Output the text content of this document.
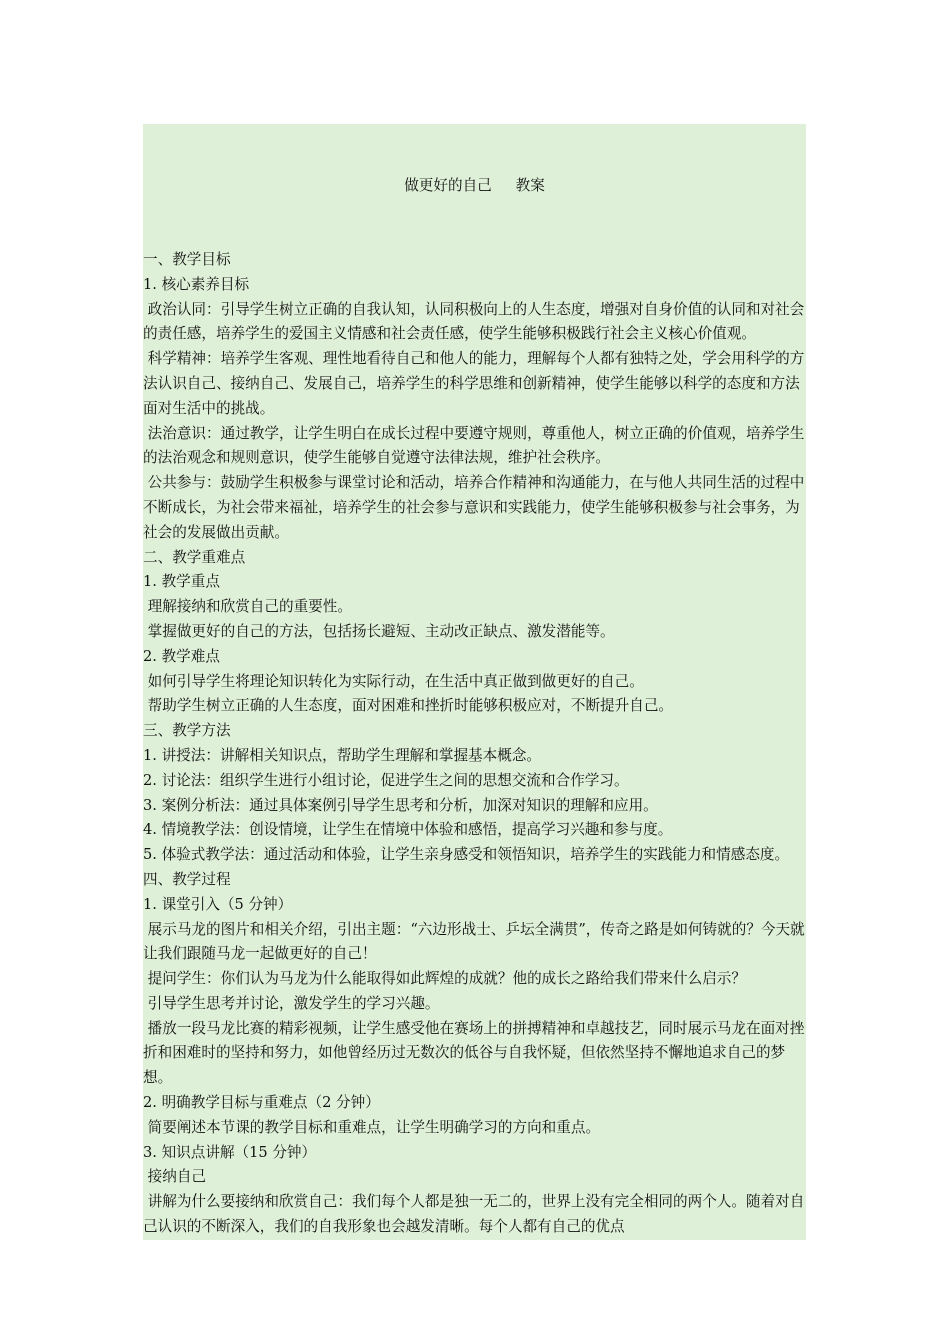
做更好的自己　  教案

一、教学目标
1. 核心素养目标
政治认同：引导学生树立正确的自我认知，认同积极向上的人生态度，增强对自身价值的认同和对社会的责任感，培养学生的爱国主义情感和社会责任感，使学生能够积极践行社会主义核心价值观。
科学精神：培养学生客观、理性地看待自己和他人的能力，理解每个人都有独特之处，学会用科学的方法认识自己、接纳自己、发展自己，培养学生的科学思维和创新精神，使学生能够以科学的态度和方法面对生活中的挑战。
法治意识：通过教学，让学生明白在成长过程中要遵守规则，尊重他人，树立正确的价值观，培养学生的法治观念和规则意识，使学生能够自觉遵守法律法规，维护社会秩序。
公共参与：鼓励学生积极参与课堂讨论和活动，培养合作精神和沟通能力，在与他人共同生活的过程中不断成长，为社会带来福祉，培养学生的社会参与意识和实践能力，使学生能够积极参与社会事务，为社会的发展做出贡献。
二、教学重难点
1. 教学重点
理解接纳和欣赏自己的重要性。
掌握做更好的自己的方法，包括扬长避短、主动改正缺点、激发潜能等。
2. 教学难点
如何引导学生将理论知识转化为实际行动，在生活中真正做到做更好的自己。
帮助学生树立正确的人生态度，面对困难和挫折时能够积极应对，不断提升自己。
三、教学方法
1. 讲授法：讲解相关知识点，帮助学生理解和掌握基本概念。
2. 讨论法：组织学生进行小组讨论，促进学生之间的思想交流和合作学习。
3. 案例分析法：通过具体案例引导学生思考和分析，加深对知识的理解和应用。
4. 情境教学法：创设情境，让学生在情境中体验和感悟，提高学习兴趣和参与度。
5. 体验式教学法：通过活动和体验，让学生亲身感受和领悟知识，培养学生的实践能力和情感态度。
四、教学过程
1. 课堂引入（5 分钟）
展示马龙的图片和相关介绍，引出主题：“六边形战士、乒坛全满贯”，传奇之路是如何铸就的？今天就让我们跟随马龙一起做更好的自己！
提问学生：你们认为马龙为什么能取得如此辉煌的成就？他的成长之路给我们带来什么启示？
引导学生思考并讨论，激发学生的学习兴趣。
播放一段马龙比赛的精彩视频，让学生感受他在赛场上的拼搏精神和卓越技艺，同时展示马龙在面对挫折和困难时的坚持和努力，如他曾经历过无数次的低谷与自我怀疑，但依然坚持不懈地追求自己的梦想。
2. 明确教学目标与重难点（2 分钟）
简要阐述本节课的教学目标和重难点，让学生明确学习的方向和重点。
3. 知识点讲解（15 分钟）
接纳自己
讲解为什么要接纳和欣赏自己：我们每个人都是独一无二的，世界上没有完全相同的两个人。随着对自己认识的不断深入，我们的自我形象也会越发清晰。每个人都有自己的优点
